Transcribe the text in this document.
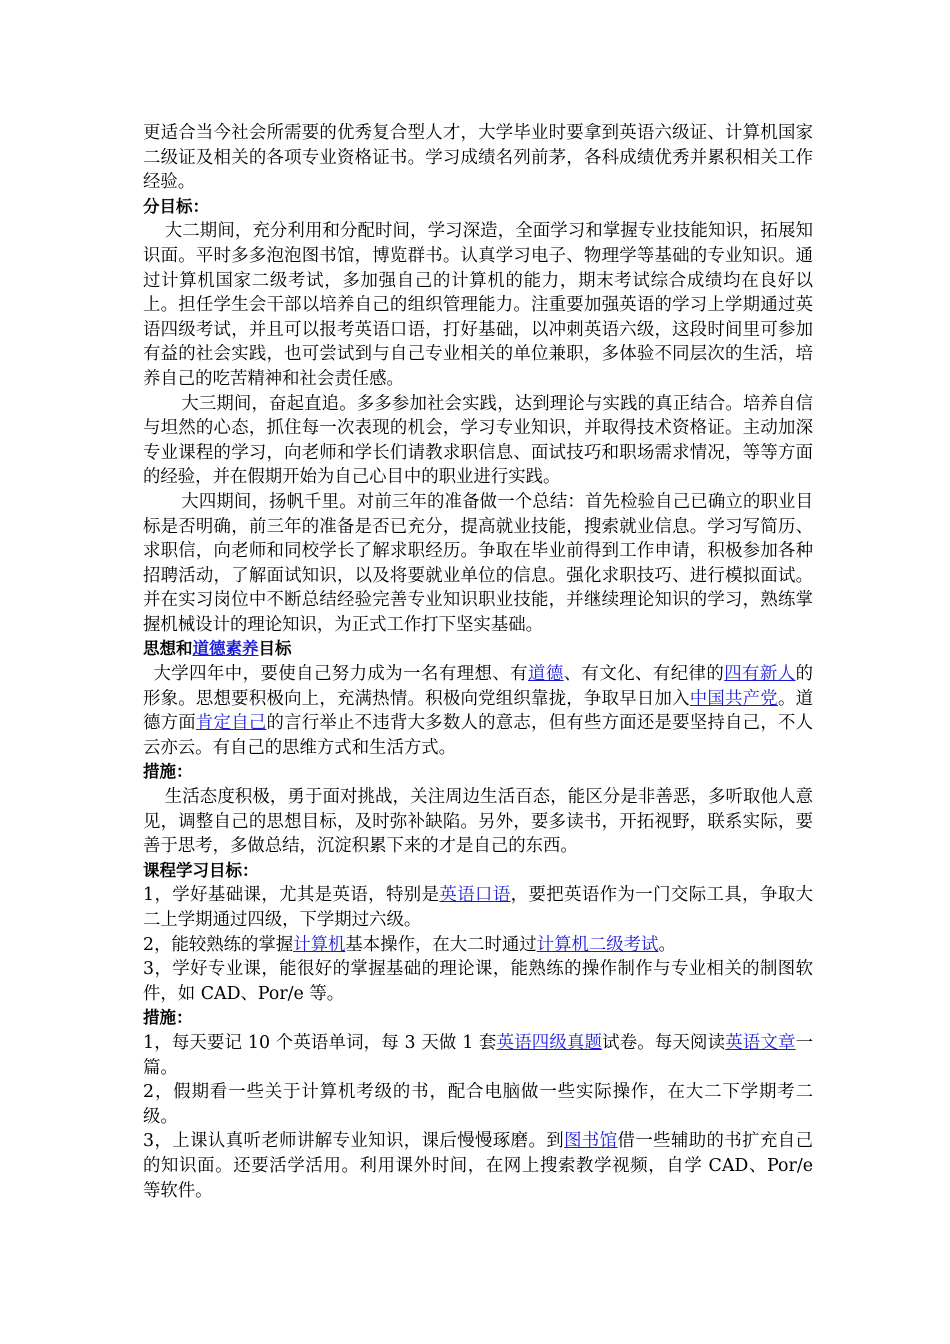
更适合当今社会所需要的优秀复合型人才，大学毕业时要拿到英语六级证、计算机国家二级证及相关的各项专业资格证书。学习成绩名列前茅，各科成绩优秀并累积相关工作经验。

分目标：

大二期间，充分利用和分配时间，学习深造，全面学习和掌握专业技能知识，拓展知识面。平时多多泡泡图书馆，博览群书。认真学习电子、物理学等基础的专业知识。通过计算机国家二级考试，多加强自己的计算机的能力，期末考试综合成绩均在良好以上。担任学生会干部以培养自己的组织管理能力。注重要加强英语的学习上学期通过英语四级考试，并且可以报考英语口语，打好基础，以冲刺英语六级，这段时间里可参加有益的社会实践，也可尝试到与自己专业相关的单位兼职，多体验不同层次的生活，培养自己的吃苦精神和社会责任感。

大三期间，奋起直追。多多参加社会实践，达到理论与实践的真正结合。培养自信与坦然的心态，抓住每一次表现的机会，学习专业知识，并取得技术资格证。主动加深专业课程的学习，向老师和学长们请教求职信息、面试技巧和职场需求情况，等等方面的经验，并在假期开始为自己心目中的职业进行实践。

大四期间，扬帆千里。对前三年的准备做一个总结：首先检验自己已确立的职业目标是否明确，前三年的准备是否已充分，提高就业技能，搜索就业信息。学习写简历、求职信，向老师和同校学长了解求职经历。争取在毕业前得到工作申请，积极参加各种招聘活动，了解面试知识，以及将要就业单位的信息。强化求职技巧、进行模拟面试。并在实习岗位中不断总结经验完善专业知识职业技能，并继续理论知识的学习，熟练掌握机械设计的理论知识，为正式工作打下坚实基础。

思想和道德素养目标

大学四年中，要使自己努力成为一名有理想、有道德、有文化、有纪律的四有新人的形象。思想要积极向上，充满热情。积极向党组织靠拢，争取早日加入中国共产党。道德方面肯定自己的言行举止不违背大多数人的意志，但有些方面还是要坚持自己，不人云亦云。有自己的思维方式和生活方式。

措施：

生活态度积极，勇于面对挑战，关注周边生活百态，能区分是非善恶，多听取他人意见，调整自己的思想目标，及时弥补缺陷。另外，要多读书，开拓视野，联系实际，要善于思考，多做总结，沉淀积累下来的才是自己的东西。

课程学习目标：

1，学好基础课，尤其是英语，特别是英语口语，要把英语作为一门交际工具，争取大二上学期通过四级，下学期过六级。

2，能较熟练的掌握计算机基本操作，在大二时通过计算机二级考试。

3，学好专业课，能很好的掌握基础的理论课，能熟练的操作制作与专业相关的制图软件，如 CAD、Por/e 等。

措施：

1，每天要记 10 个英语单词，每 3 天做 1 套英语四级真题试卷。每天阅读英语文章一篇。

2，假期看一些关于计算机考级的书，配合电脑做一些实际操作，在大二下学期考二级。

3，上课认真听老师讲解专业知识，课后慢慢琢磨。到图书馆借一些辅助的书扩充自己的知识面。还要活学活用。利用课外时间，在网上搜索教学视频，自学 CAD、Por/e 等软件。
